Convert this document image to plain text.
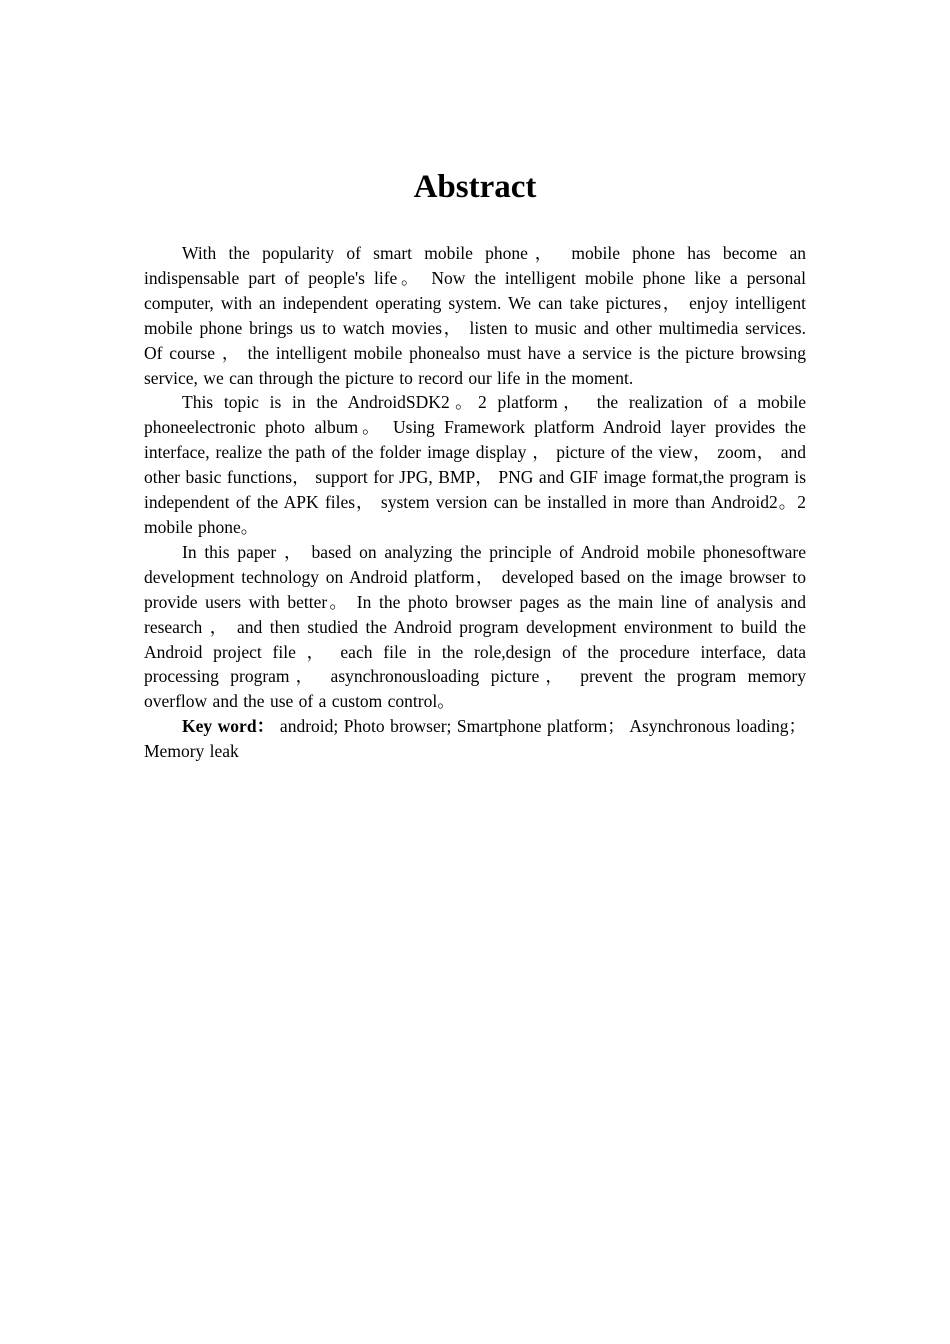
Abstract

With the popularity of smart mobile phone， mobile phone has become an indispensable part of people's life。 Now the intelligent mobile phone like a personal computer, with an independent operating system. We can take pictures， enjoy intelligent mobile phone brings us to watch movies， listen to music and other multimedia services. Of course ， the intelligent mobile phonealso must have a service is the picture browsing service, we can through the picture to record our life in the moment.

This topic is in the AndroidSDK2。2 platform， the realization of a mobile phoneelectronic photo album。 Using Framework platform Android layer provides the interface, realize the path of the folder image display ， picture of the view， zoom， and other basic functions， support for JPG, BMP， PNG and GIF image format,the program is independent of the APK files， system version can be installed in more than Android2。2 mobile phone。

In this paper ， based on analyzing the principle of Android mobile phonesoftware development technology on Android platform， developed based on the image browser to provide users with better。 In the photo browser pages as the main line of analysis and research ， and then studied the Android program development environment to build the Android project file ， each file in the role,design of the procedure interface, data processing program， asynchronousloading picture， prevent the program memory overflow and the use of a custom control。

Key word： android; Photo browser; Smartphone platform； Asynchronous loading； Memory leak
